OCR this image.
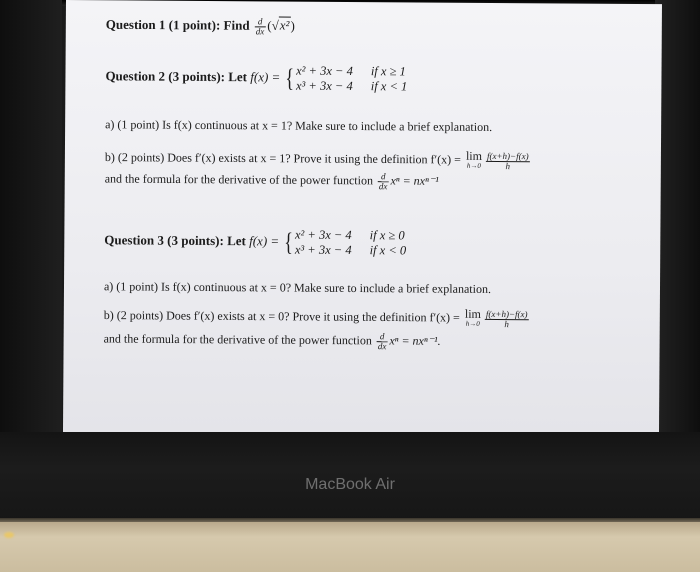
Question 1 (1 point): Find $\frac{d}{dx} (√x^2)$
Question 2 (3 points): Let f(x) = { x² + 3x − 4 if x ≥ 1
x³ + 3x − 4 if x < 1
a) (1 point) Is f(x) continuous at x = 1? Make sure to include a brief explanation.
b) (2 points) Does f′(x) exists at x = 1? Prove it using the definition f′(x) = lim
$h\to 0 \frac{f(x+h)-f(x)}{h}$
and the formula for the derivative of the power function $\frac{d}{dx}$ xⁿ = nxⁿ⁻¹
Question 3 (3 points): Let f(x) = { x² + 3x − 4 if x ≥ 0
x³ + 3x − 4 if x < 0
a) (1 point) Is f(x) continuous at x = 0? Make sure to include a brief explanation.
b) (2 points) Does f′(x) exists at x = 0? Prove it using the definition f′(x) = lim
$h\to 0 \frac{f(x+h)-f(x)}{h}$
and the formula for the derivative of the power function $\frac{d}{dx}$ xⁿ = nxⁿ⁻¹.
MacBook Air
